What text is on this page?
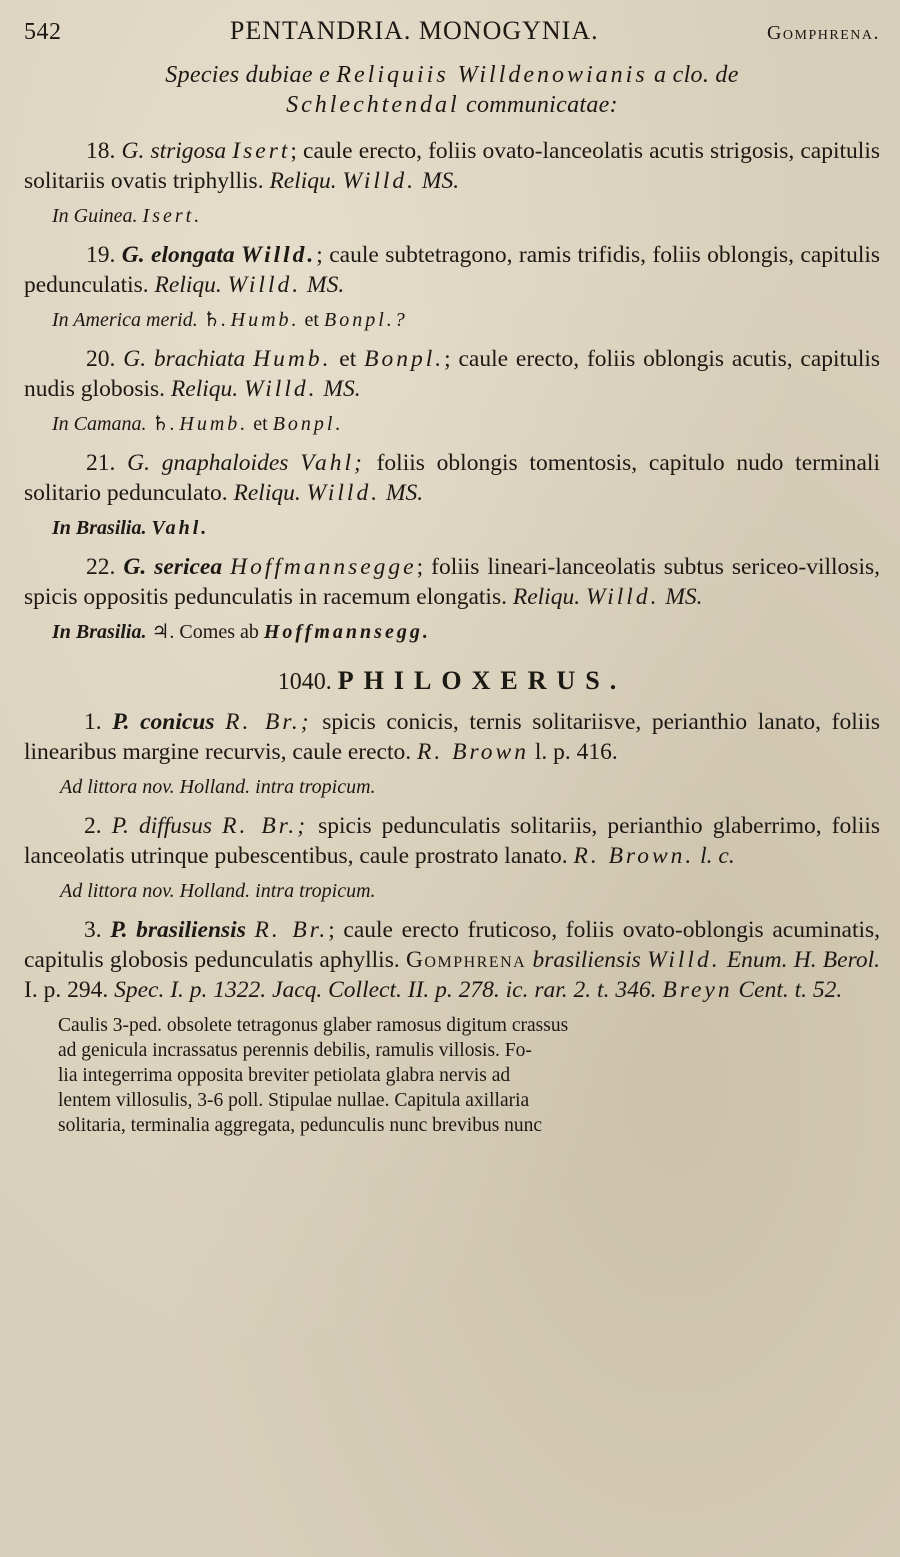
542	PENTANDRIA. MONOGYNIA.	Gomphrena.
Species dubiae e Reliquiis Willdenowianis a clo. de
Schlechtendal communicatae:

18. G. strigosa Isert; caule erecto, foliis ovato-lanceolatis acutis strigosis, capitulis solitariis ovatis triphyllis. Reliqu. Willd. MS.

In Guinea. Isert.

19. G. elongata Willd.; caule subtetragono, ramis trifidis, foliis oblongis, capitulis pedunculatis. Reliqu. Willd. MS.

In America merid. ♄. Humb. et Bonpl.?

20. G. brachiata Humb. et Bonpl.; caule erecto, foliis oblongis acutis, capitulis nudis globosis. Reliqu. Willd. MS.

In Camana. ♄. Humb. et Bonpl.

21. G. gnaphaloides Vahl; foliis oblongis tomentosis, capitulo nudo terminali solitario pedunculato. Reliqu. Willd. MS.

In Brasilia. Vahl.

22. G. sericea Hoffmannsegge; foliis lineari-lanceolatis subtus sericeo-villosis, spicis oppositis pedunculatis in racemum elongatis. Reliqu. Willd. MS.

In Brasilia. ♃. Comes ab Hoffmannsegg.
1040. PHILOXERUS.

1. P. conicus R. Br.; spicis conicis, ternis solitariisve, perianthio lanato, foliis linearibus margine recurvis, caule erecto. R. Brown l. p. 416.

Ad littora nov. Holland. intra tropicum.

2. P. diffusus R. Br.; spicis pedunculatis solitariis, perianthio glaberrimo, foliis lanceolatis utrinque pubescentibus, caule prostrato lanato. R. Brown. l. c.

Ad littora nov. Holland. intra tropicum.

3. P. brasiliensis R. Br.; caule erecto fruticoso, foliis ovato-oblongis acuminatis, capitulis globosis pedunculatis aphyllis. Gomphrena brasiliensis Willd. Enum. H. Berol. I. p. 294. Spec. I. p. 1322. Jacq. Collect. II. p. 278. ic. rar. 2. t. 346. Breyn Cent. t. 52.

Caulis 3-ped. obsolete tetragonus glaber ramosus digitum crassus
ad genicula incrassatus perennis debilis, ramulis villosis. Fo-
lia integerrima opposita breviter petiolata glabra nervis ad
lentem villosulis, 3-6 poll. Stipulae nullae. Capitula axillaria
solitaria, terminalia aggregata, pedunculis nunc brevibus nunc
